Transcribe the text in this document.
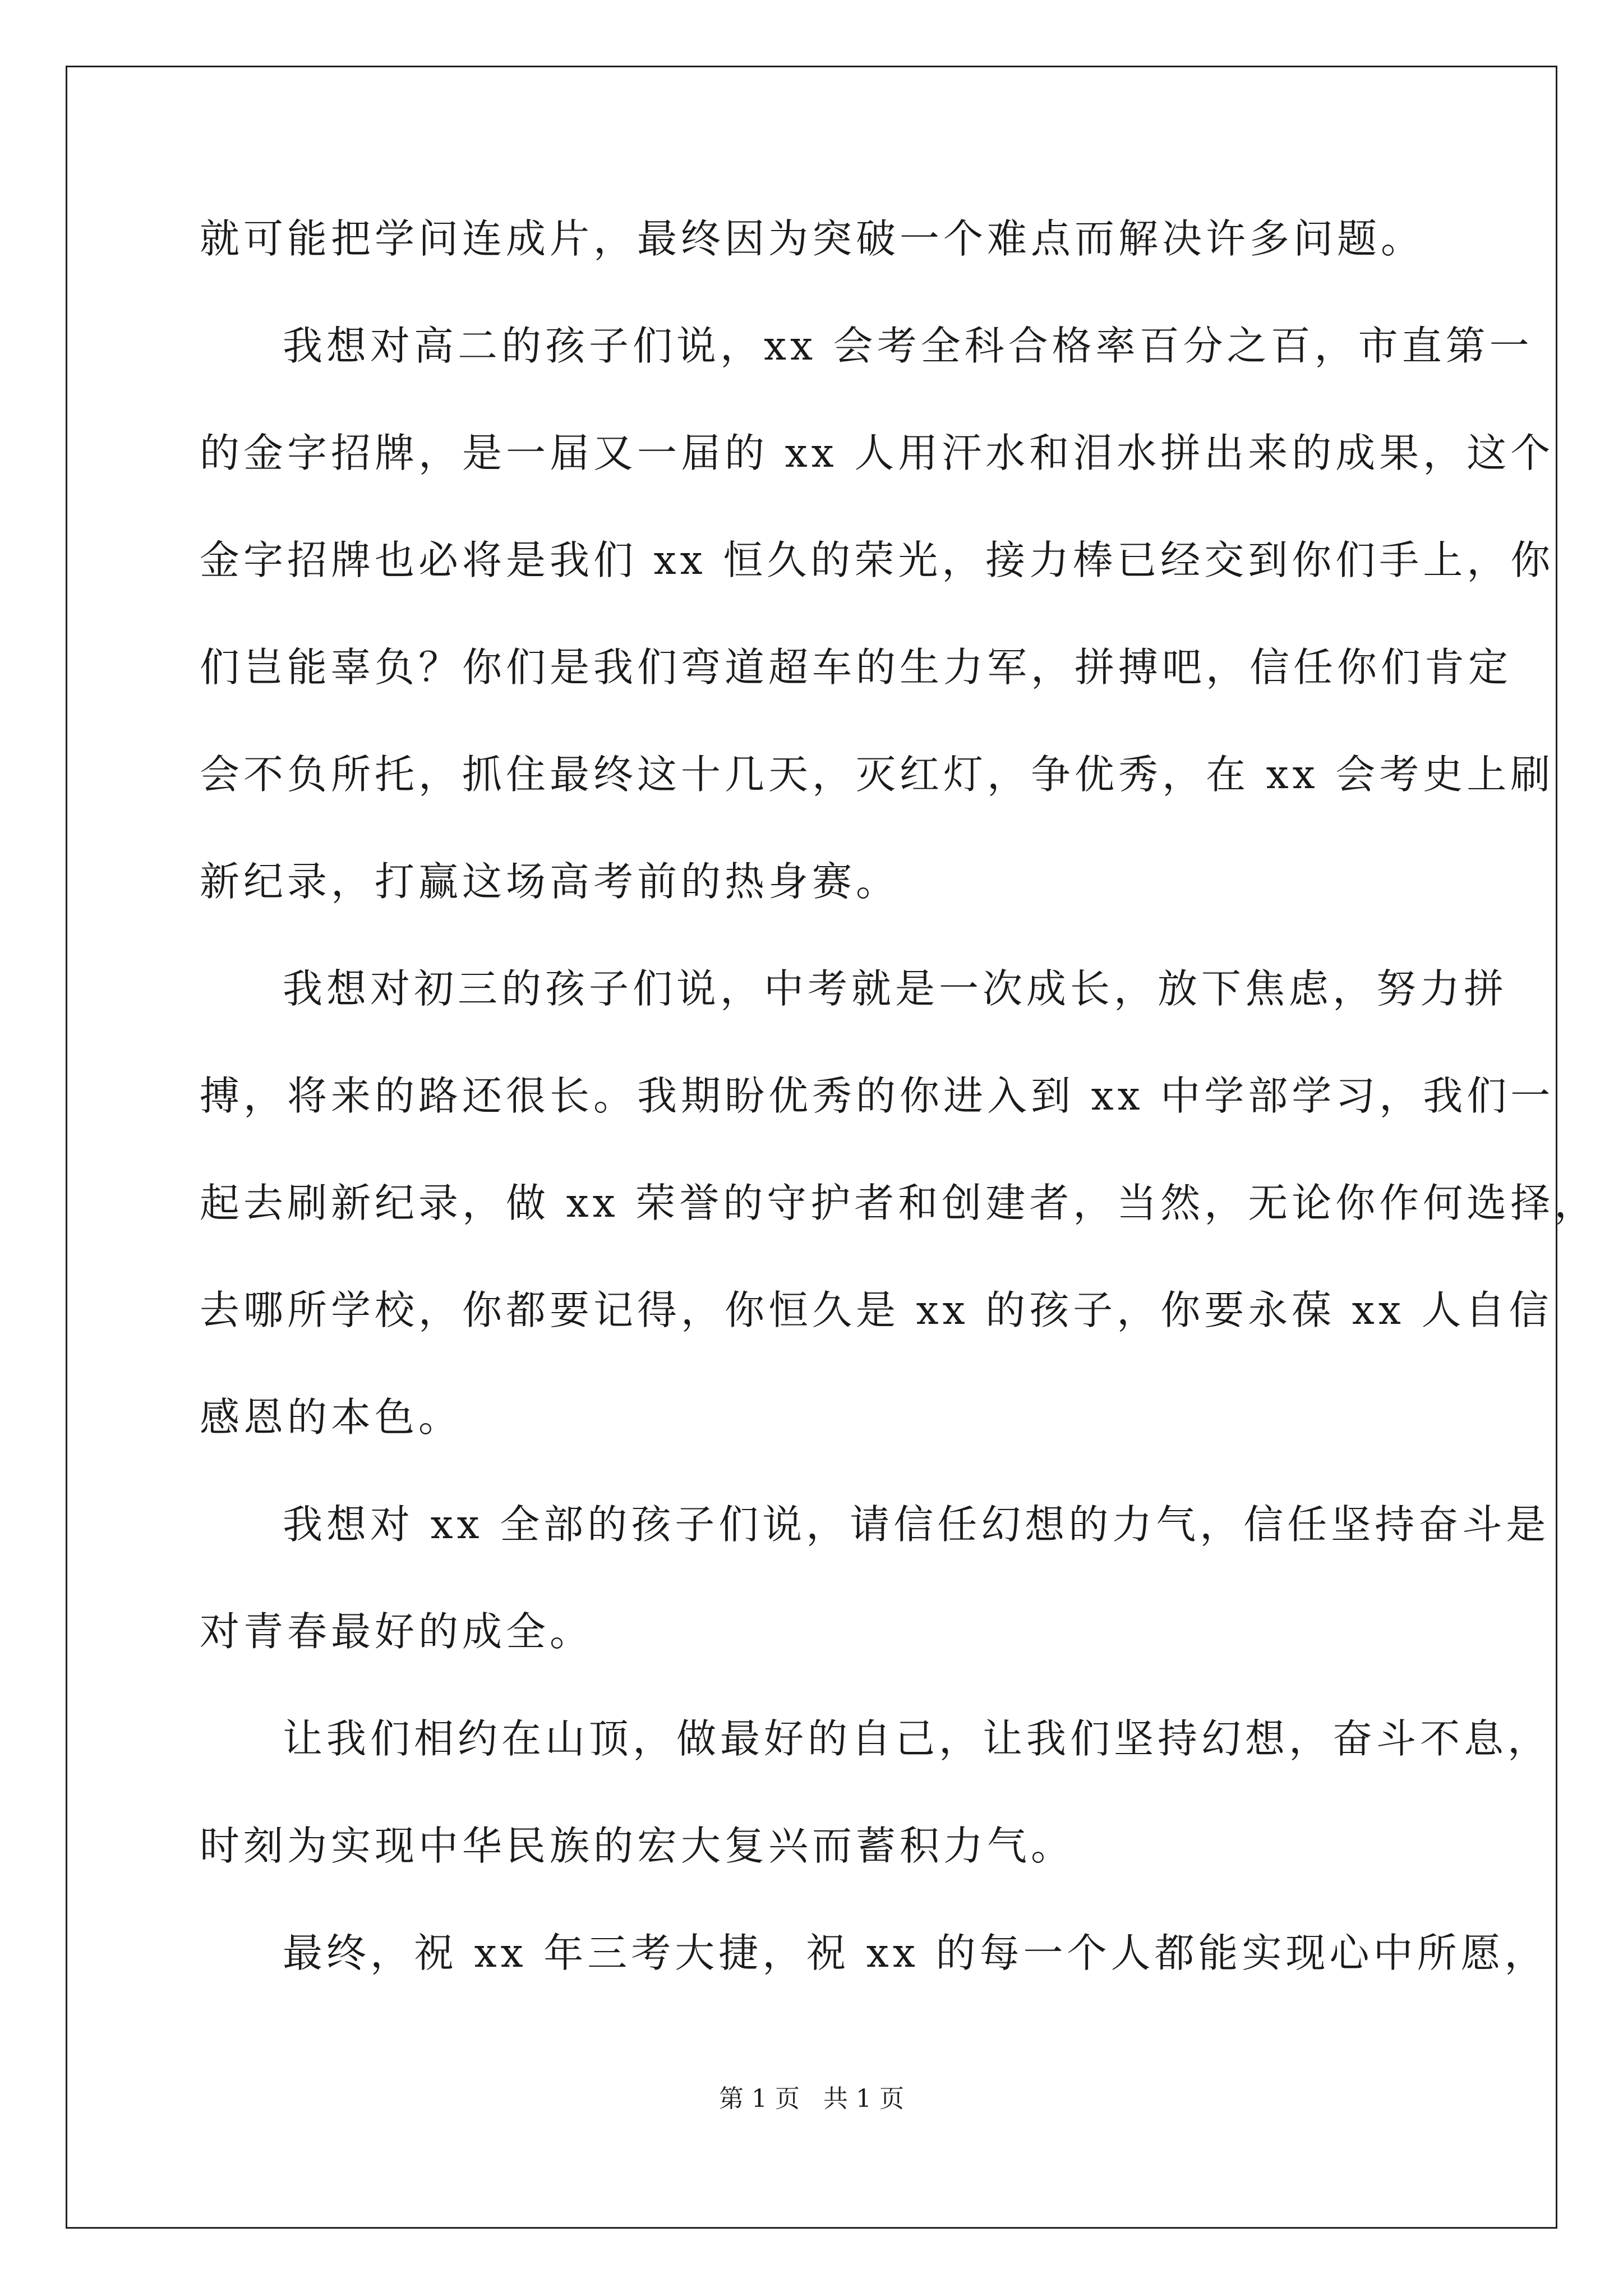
就可能把学问连成片，最终因为突破一个难点而解决许多问题。
我想对高二的孩子们说，xx 会考全科合格率百分之百，市直第一
的金字招牌，是一届又一届的 xx 人用汗水和泪水拼出来的成果，这个
金字招牌也必将是我们 xx 恒久的荣光，接力棒已经交到你们手上，你
们岂能辜负？你们是我们弯道超车的生力军，拼搏吧，信任你们肯定
会不负所托，抓住最终这十几天，灭红灯，争优秀，在 xx 会考史上刷
新纪录，打赢这场高考前的热身赛。
我想对初三的孩子们说，中考就是一次成长，放下焦虑，努力拼
搏，将来的路还很长。我期盼优秀的你进入到 xx 中学部学习，我们一
起去刷新纪录，做 xx 荣誉的守护者和创建者，当然，无论你作何选择，
去哪所学校，你都要记得，你恒久是 xx 的孩子，你要永葆 xx 人自信
感恩的本色。
我想对 xx 全部的孩子们说，请信任幻想的力气，信任坚持奋斗是
对青春最好的成全。
让我们相约在山顶，做最好的自己，让我们坚持幻想，奋斗不息，
时刻为实现中华民族的宏大复兴而蓄积力气。
最终，祝 xx 年三考大捷，祝 xx 的每一个人都能实现心中所愿，
第 1 页 共 1 页
